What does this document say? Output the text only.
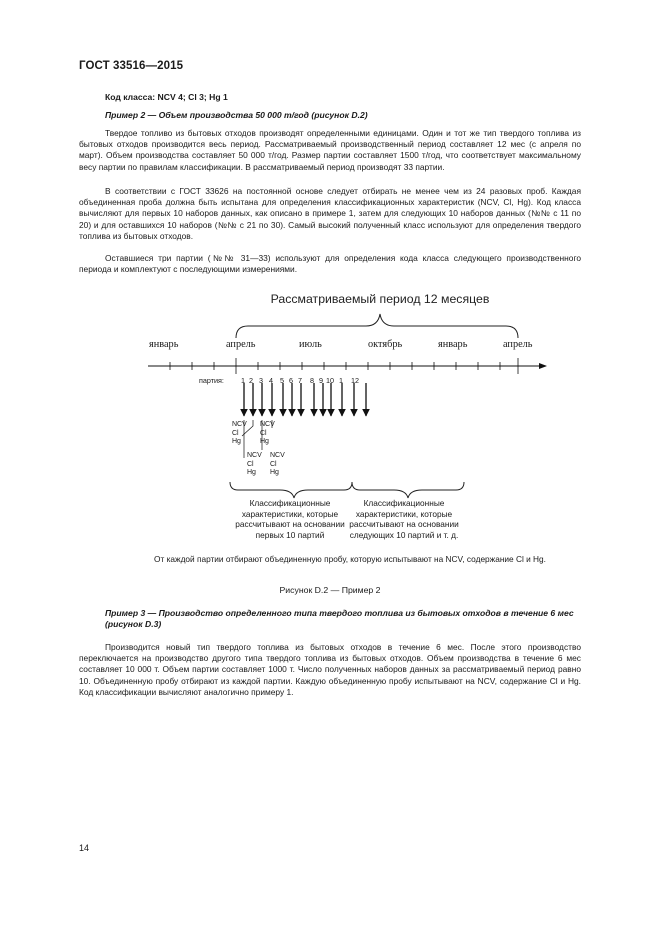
ГОСТ 33516—2015
Код класса: NCV 4; Cl 3; Hg 1
Пример 2 — Объем производства 50 000 т/год (рисунок D.2)
Твердое топливо из бытовых отходов производят определенными единицами. Один и тот же тип твердого топлива из бытовых отходов производится весь период. Рассматриваемый производственный период составляет 12 мес (с апреля по март). Объем производства составляет 50 000 т/год. Размер партии составляет 1500 т/год, что соответствует максимальному весу партии по правилам классификации. В рассматриваемый период производят 33 партии.
В соответствии с ГОСТ 33626 на постоянной основе следует отбирать не менее чем из 24 разовых проб. Каждая объединенная проба должна быть испытана для определения классификационных характеристик (NCV, Cl, Hg). Код класса вычисляют для первых 10 наборов данных, как описано в примере 1, затем для следующих 10 наборов данных (№№ с 11 по 20) и для оставшихся 10 наборов (№№ с 21 по 30). Самый высокий полученный класс используют для определения твердого топлива из бытовых отходов.
Оставшиеся три партии (№№ 31—33) используют для определения кода класса следующего производственного периода и комплектуют с последующими измерениями.
Рассматриваемый период 12 месяцев
январь	апрель	июль	октябрь	январь	апрель
партия: 1 2 3 4 5 6 7 8 9 10 1 12
NCV
Cl
Hg
NCV
Cl
Hg
NCV
Cl
Hg
NCV
Cl
Hg
Классификационные
характеристики, которые
рассчитывают на основании
первых 10 партий
Классификационные
характеристики, которые
рассчитывают на основании
следующих 10 партий и т. д.
От каждой партии отбирают объединенную пробу, которую испытывают на NCV, содержание Cl и Hg.
Рисунок D.2 — Пример 2
Пример 3 — Производство определенного типа твердого топлива из бытовых отходов в течение 6 мес (рисунок D.3)
Производится новый тип твердого топлива из бытовых отходов в течение 6 мес. После этого производство переключается на производство другого типа твердого топлива из бытовых отходов. Объем производства в течение 6 мес составляет 10 000 т. Объем партии составляет 1000 т. Число полученных наборов данных за рассматриваемый период равно 10. Объединенную пробу отбирают из каждой партии. Каждую объединенную пробу испытывают на NCV, содержание Cl и Hg. Код классификации вычисляют аналогично примеру 1.
14
